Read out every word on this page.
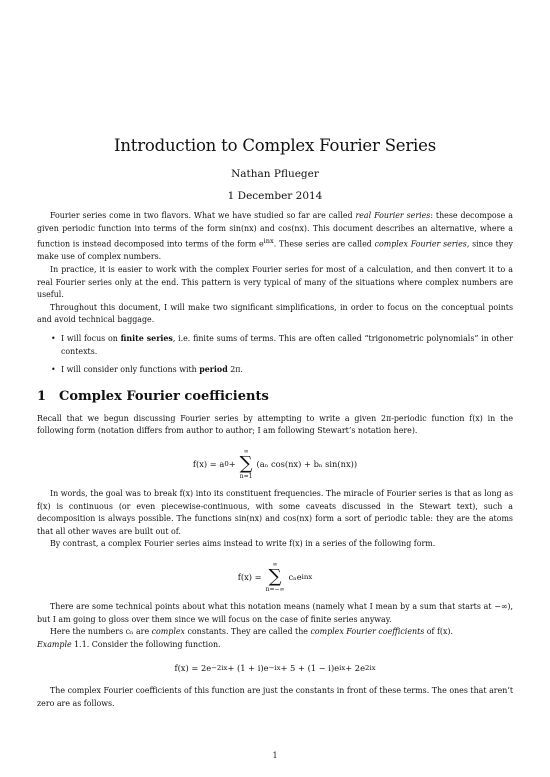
Introduction to Complex Fourier Series
Nathan Pflueger
1 December 2014

Fourier series come in two flavors. What we have studied so far are called real Fourier series: these decompose a given periodic function into terms of the form sin(nx) and cos(nx). This document describes an alternative, where a function is instead decomposed into terms of the form $e^{inx}$. These series are called complex Fourier series, since they make use of complex numbers.

In practice, it is easier to work with the complex Fourier series for most of a calculation, and then convert it to a real Fourier series only at the end. This pattern is very typical of many of the situations where complex numbers are useful.

Throughout this document, I will make two significant simplifications, in order to focus on the conceptual points and avoid technical baggage.

• I will focus on finite series, i.e. finite sums of terms. This are often called “trigonometric polynomials” in other contexts.
• I will consider only functions with period 2π.
1 Complex Fourier coefficients

Recall that we begun discussing Fourier series by attempting to write a given 2π-periodic function f(x) in the following form (notation differs from author to author; I am following Stewart’s notation here).

f(x) = a 0 +
∞
∑
n=1
(aₙ cos(nx) + bₙ sin(nx))

In words, the goal was to break f(x) into its constituent frequencies. The miracle of Fourier series is that as long as f(x) is continuous (or even piecewise-continuous, with some caveats discussed in the Stewart text), such a decomposition is always possible. The functions sin(nx) and cos(nx) form a sort of periodic table: they are the atoms that all other waves are built out of.

By contrast, a complex Fourier series aims instead to write f(x) in a series of the following form.

f(x) =
∞
∑
n=−∞
cₙe inx

There are some technical points about what this notation means (namely what I mean by a sum that starts at −∞), but I am going to gloss over them since we will focus on the case of finite series anyway.

Here the numbers cₙ are complex constants. They are called the complex Fourier coefficients of f(x).

Example 1.1. Consider the following function.

f(x) = 2e −2ix + (1 + i)e −ix + 5 + (1 − i)e ix + 2e 2ix

The complex Fourier coefficients of this function are just the constants in front of these terms. The ones that aren’t zero are as follows.

1
